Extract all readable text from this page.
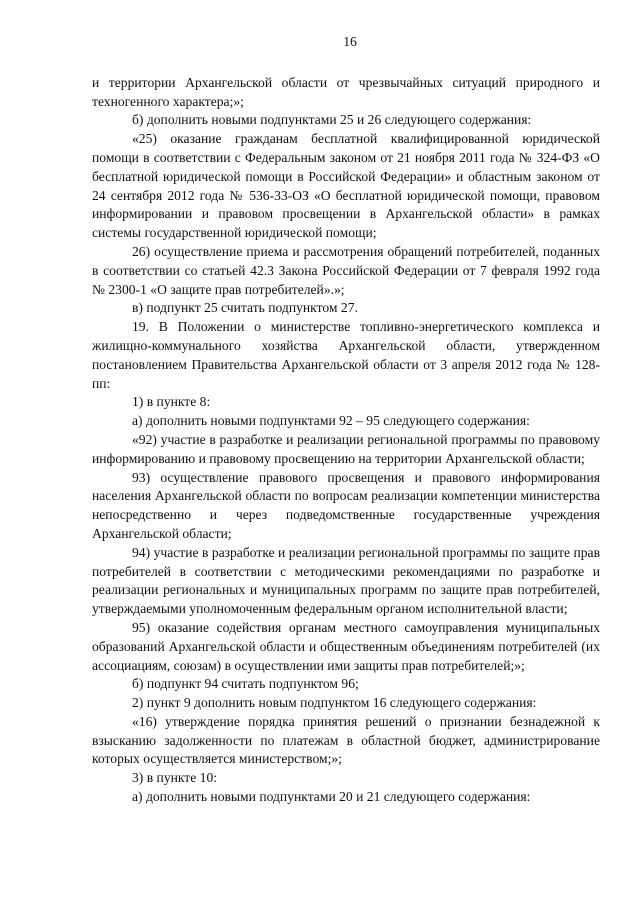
16

и территории Архангельской области от чрезвычайных ситуаций природного и техногенного характера;»;

б) дополнить новыми подпунктами 25 и 26 следующего содержания:

«25) оказание гражданам бесплатной квалифицированной юридической помощи в соответствии с Федеральным законом от 21 ноября 2011 года № 324-ФЗ «О бесплатной юридической помощи в Российской Федерации» и областным законом от 24 сентября 2012 года № 536-33-ОЗ «О бесплатной юридической помощи, правовом информировании и правовом просвещении в Архангельской области» в рамках системы государственной юридической помощи;

26) осуществление приема и рассмотрения обращений потребителей, поданных в соответствии со статьей 42.3 Закона Российской Федерации от 7 февраля 1992 года № 2300-1 «О защите прав потребителей».»;

в) подпункт 25 считать подпунктом 27.

19. В Положении о министерстве топливно-энергетического комплекса и жилищно-коммунального хозяйства Архангельской области, утвержденном постановлением Правительства Архангельской области от 3 апреля 2012 года № 128-пп:

1) в пункте 8:

а) дополнить новыми подпунктами 92 – 95 следующего содержания:

«92) участие в разработке и реализации региональной программы по правовому информированию и правовому просвещению на территории Архангельской области;

93) осуществление правового просвещения и правового информирования населения Архангельской области по вопросам реализации компетенции министерства непосредственно и через подведомственные государственные учреждения Архангельской области;

94) участие в разработке и реализации региональной программы по защите прав потребителей в соответствии с методическими рекомендациями по разработке и реализации региональных и муниципальных программ по защите прав потребителей, утверждаемыми уполномоченным федеральным органом исполнительной власти;

95) оказание содействия органам местного самоуправления муниципальных образований Архангельской области и общественным объединениям потребителей (их ассоциациям, союзам) в осуществлении ими защиты прав потребителей;»;

б) подпункт 94 считать подпунктом 96;

2) пункт 9 дополнить новым подпунктом 16 следующего содержания:

«16) утверждение порядка принятия решений о признании безнадежной к взысканию задолженности по платежам в областной бюджет, администрирование которых осуществляется министерством;»;

3) в пункте 10:

а) дополнить новыми подпунктами 20 и 21 следующего содержания:
